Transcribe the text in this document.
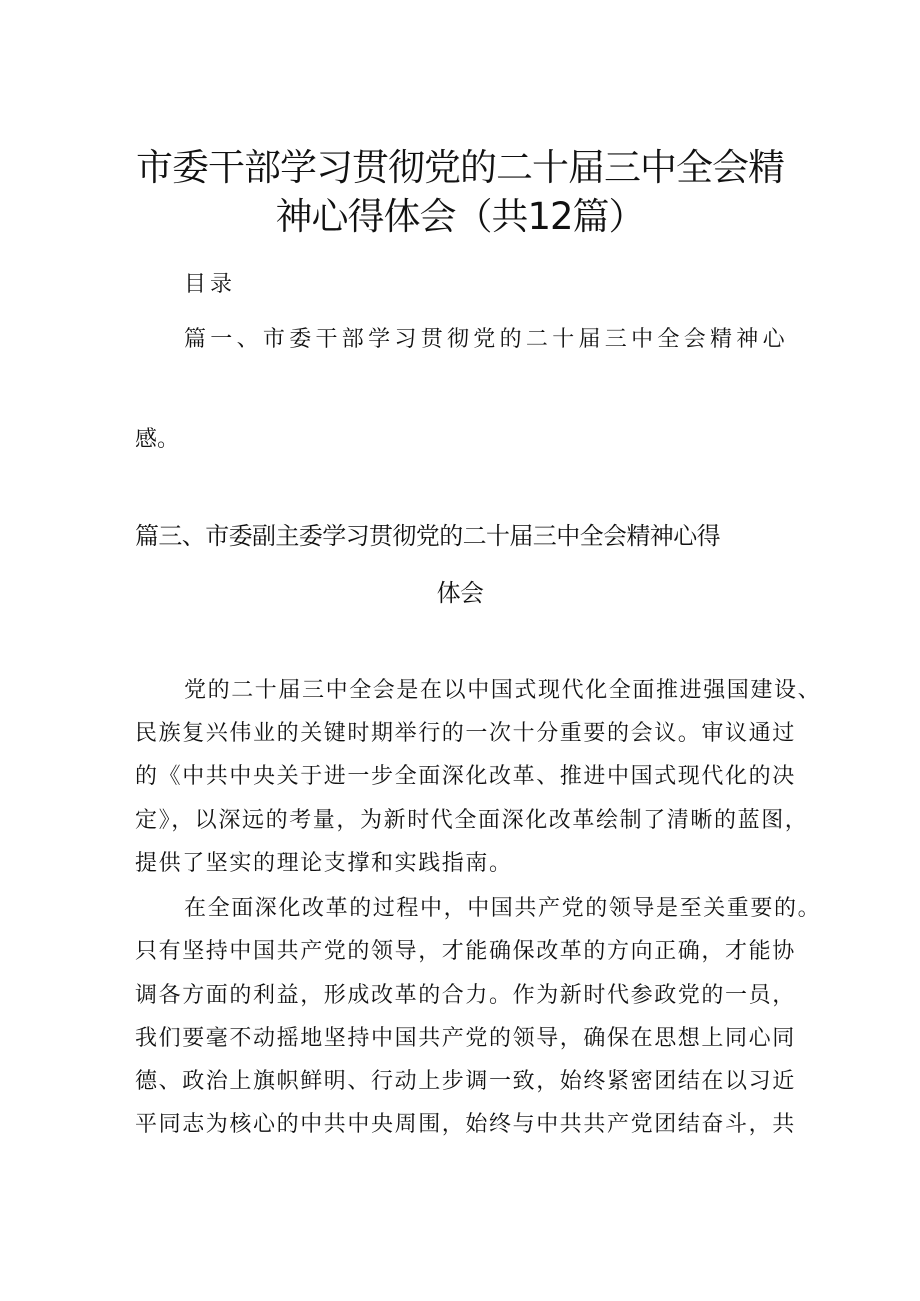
市委干部学习贯彻党的二十届三中全会精
神心得体会（共12篇）
目录
篇一、市委干部学习贯彻党的二十届三中全会精神心
感。
篇三、市委副主委学习贯彻党的二十届三中全会精神心得
体会
党的二十届三中全会是在以中国式现代化全面推进强国建设、
民族复兴伟业的关键时期举行的一次十分重要的会议。审议通过
的《中共中央关于进一步全面深化改革、推进中国式现代化的决
定》，以深远的考量，为新时代全面深化改革绘制了清晰的蓝图，
提供了坚实的理论支撑和实践指南。
在全面深化改革的过程中，中国共产党的领导是至关重要的。
只有坚持中国共产党的领导，才能确保改革的方向正确，才能协
调各方面的利益，形成改革的合力。作为新时代参政党的一员，
我们要毫不动摇地坚持中国共产党的领导，确保在思想上同心同
德、政治上旗帜鲜明、行动上步调一致，始终紧密团结在以习近
平同志为核心的中共中央周围，始终与中共共产党团结奋斗，共
